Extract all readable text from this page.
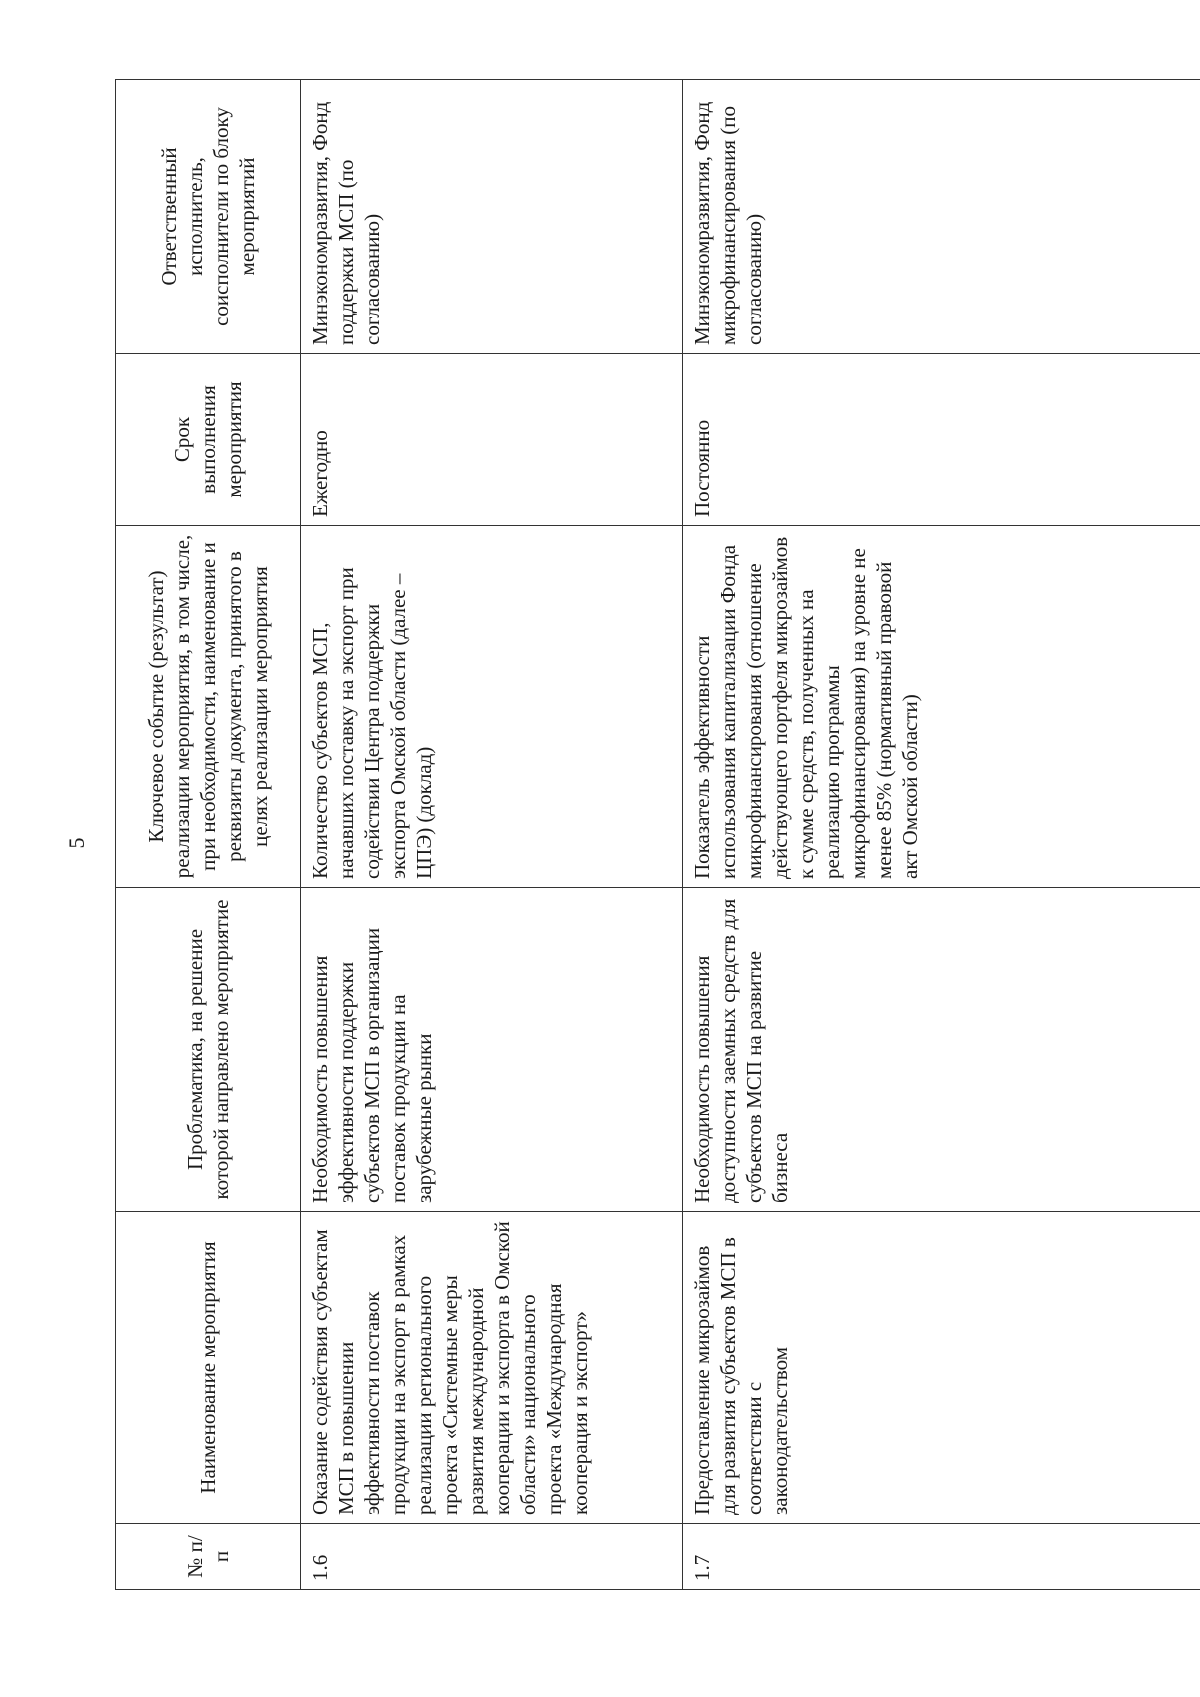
5
№ п/п	Наименование мероприятия	Проблематика, на решение которой направлено мероприятие	Ключевое событие (результат) реализации мероприятия, в том числе, при необходимости, наименование и реквизиты документа, принятого в целях реализации мероприятия	Срок выполнения мероприятия	Ответственный исполнитель, соисполнители по блоку мероприятий
1.6	Оказание содействия субъектам МСП в повышении эффективности поставок продукции на экспорт в рамках реализации регионального проекта «Системные меры развития международной кооперации и экспорта в Омской области» национального проекта «Международная кооперация и экспорт»	Необходимость повышения эффективности поддержки субъектов МСП в организации поставок продукции на зарубежные рынки	Количество субъектов МСП, начавших поставку на экспорт при содействии Центра поддержки экспорта Омской области (далее – ЦПЭ) (доклад)	Ежегодно	Минэкономразвития, Фонд поддержки МСП (по согласованию)
1.7	Предоставление микрозаймов для развития субъектов МСП в соответствии с законодательством	Необходимость повышения доступности заемных средств для субъектов МСП на развитие бизнеса	Показатель эффективности использования капитализации Фонда микрофинансирования (отношение действующего портфеля микрозаймов к сумме средств, полученных на реализацию программы микрофинансирования) на уровне не менее 85% (нормативный правовой акт Омской области)	Постоянно	Минэкономразвития, Фонд микрофинансирования (по согласованию)
